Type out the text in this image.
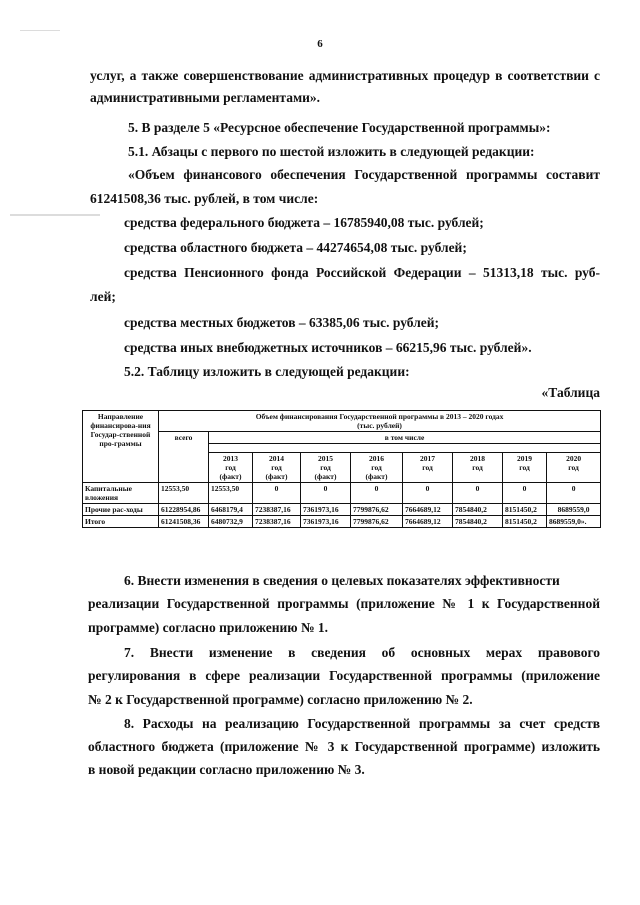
6
услуг, а также совершенствование административных процедур в соответствии с
административными регламентами».
5. В разделе 5 «Ресурсное обеспечение Государственной программы»:
5.1. Абзацы с первого по шестой изложить в следующей редакции:
«Объем финансового обеспечения Государственной программы составит
61241508,36 тыс. рублей, в том числе:
средства федерального бюджета – 16785940,08 тыс. рублей;
средства областного бюджета – 44274654,08 тыс. рублей;
средства Пенсионного фонда Российской Федерации – 51313,18 тыс. руб-
лей;
средства местных бюджетов – 63385,06 тыс. рублей;
средства иных внебюджетных источников – 66215,96 тыс. рублей».
5.2. Таблицу изложить в следующей редакции:
«Таблица
Направление финансирова-ния Государ-ственной про-граммы	Объем финансирования Государственной программы в 2013 – 2020 годах
(тыс. рублей)								
	всего	в том числе							

		2013
год
(факт)	2014
год
(факт)	2015
год
(факт)	2016
год
(факт)	2017
год	2018
год	2019
год	2020
год

Капитальные вложения	12553,50	12553,50	0	0	0	0	0	0	0
Прочие рас-ходы	61228954,86	6468179,4	7238387,16	7361973,16	7799876,62	7664689,12	7854840,2	8151450,2	8689559,0
Итого	61241508,36	6480732,9	7238387,16	7361973,16	7799876,62	7664689,12	7854840,2	8151450,2	8689559,0».
6. Внести изменения в сведения о целевых показателях эффективности
реализации Государственной программы (приложение № 1 к Государственной
программе) согласно приложению № 1.
7. Внести изменение в сведения об основных мерах правового
регулирования в сфере реализации Государственной программы (приложение
№ 2 к Государственной программе) согласно приложению № 2.
8. Расходы на реализацию Государственной программы за счет средств
областного бюджета (приложение № 3 к Государственной программе) изложить
в новой редакции согласно приложению № 3.
